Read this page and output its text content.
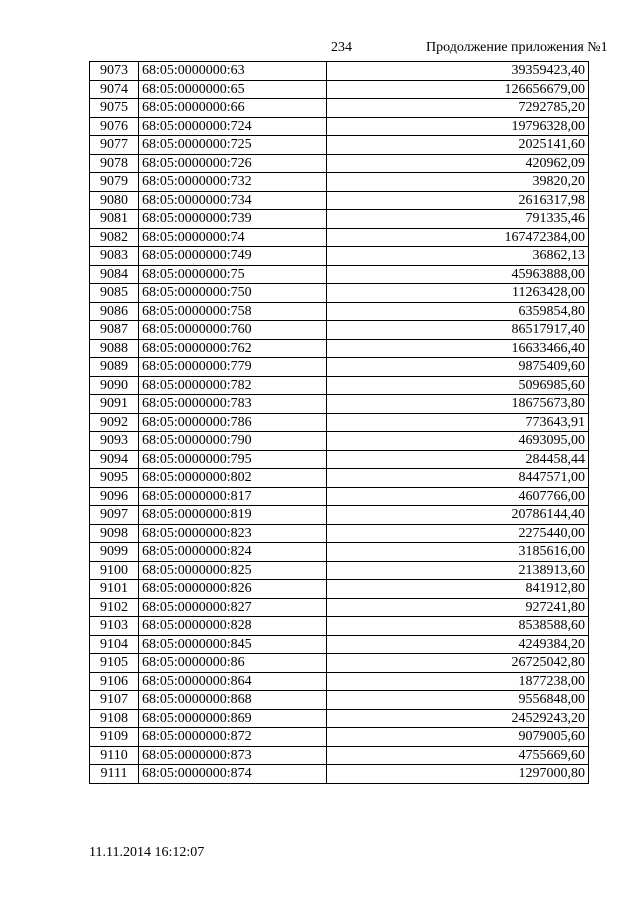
234	Продолжение приложения №1
9073	68:05:0000000:63	39359423,40
9074	68:05:0000000:65	126656679,00
9075	68:05:0000000:66	7292785,20
9076	68:05:0000000:724	19796328,00
9077	68:05:0000000:725	2025141,60
9078	68:05:0000000:726	420962,09
9079	68:05:0000000:732	39820,20
9080	68:05:0000000:734	2616317,98
9081	68:05:0000000:739	791335,46
9082	68:05:0000000:74	167472384,00
9083	68:05:0000000:749	36862,13
9084	68:05:0000000:75	45963888,00
9085	68:05:0000000:750	11263428,00
9086	68:05:0000000:758	6359854,80
9087	68:05:0000000:760	86517917,40
9088	68:05:0000000:762	16633466,40
9089	68:05:0000000:779	9875409,60
9090	68:05:0000000:782	5096985,60
9091	68:05:0000000:783	18675673,80
9092	68:05:0000000:786	773643,91
9093	68:05:0000000:790	4693095,00
9094	68:05:0000000:795	284458,44
9095	68:05:0000000:802	8447571,00
9096	68:05:0000000:817	4607766,00
9097	68:05:0000000:819	20786144,40
9098	68:05:0000000:823	2275440,00
9099	68:05:0000000:824	3185616,00
9100	68:05:0000000:825	2138913,60
9101	68:05:0000000:826	841912,80
9102	68:05:0000000:827	927241,80
9103	68:05:0000000:828	8538588,60
9104	68:05:0000000:845	4249384,20
9105	68:05:0000000:86	26725042,80
9106	68:05:0000000:864	1877238,00
9107	68:05:0000000:868	9556848,00
9108	68:05:0000000:869	24529243,20
9109	68:05:0000000:872	9079005,60
9110	68:05:0000000:873	4755669,60
9111	68:05:0000000:874	1297000,80
11.11.2014 16:12:07
